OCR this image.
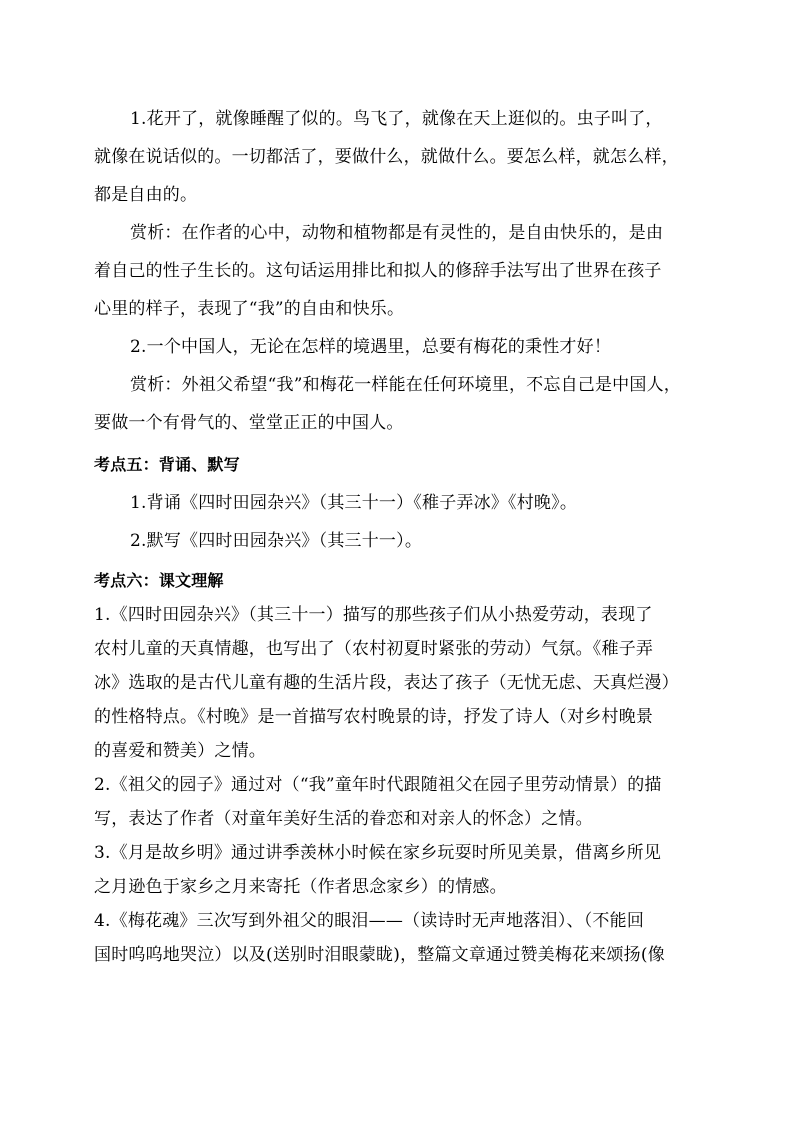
1.花开了，就像睡醒了似的。鸟飞了，就像在天上逛似的。虫子叫了，
就像在说话似的。一切都活了，要做什么，就做什么。要怎么样，就怎么样，
都是自由的。
赏析：在作者的心中，动物和植物都是有灵性的，是自由快乐的，是由
着自己的性子生长的。这句话运用排比和拟人的修辞手法写出了世界在孩子
心里的样子，表现了“我”的自由和快乐。
2.一个中国人，无论在怎样的境遇里，总要有梅花的秉性才好！
赏析：外祖父希望“我”和梅花一样能在任何环境里，不忘自己是中国人，
要做一个有骨气的、堂堂正正的中国人。
考点五：背诵、默写
1.背诵《四时田园杂兴》（其三十一）《稚子弄冰》《村晚》。
2.默写《四时田园杂兴》（其三十一）。
考点六：课文理解
1.《四时田园杂兴》（其三十一）描写的那些孩子们从小热爱劳动，表现了
农村儿童的天真情趣，也写出了（农村初夏时紧张的劳动）气氛。《稚子弄
冰》选取的是古代儿童有趣的生活片段，表达了孩子（无忧无虑、天真烂漫）
的性格特点。《村晚》是一首描写农村晚景的诗，抒发了诗人（对乡村晚景
的喜爱和赞美）之情。
2.《祖父的园子》通过对（“我”童年时代跟随祖父在园子里劳动情景）的描
写，表达了作者（对童年美好生活的眷恋和对亲人的怀念）之情。
3.《月是故乡明》通过讲季羡林小时候在家乡玩耍时所见美景，借离乡所见
之月逊色于家乡之月来寄托（作者思念家乡）的情感。
4.《梅花魂》三次写到外祖父的眼泪——（读诗时无声地落泪）、（不能回
国时呜呜地哭泣）以及(送别时泪眼蒙眬)，整篇文章通过赞美梅花来颂扬(像
